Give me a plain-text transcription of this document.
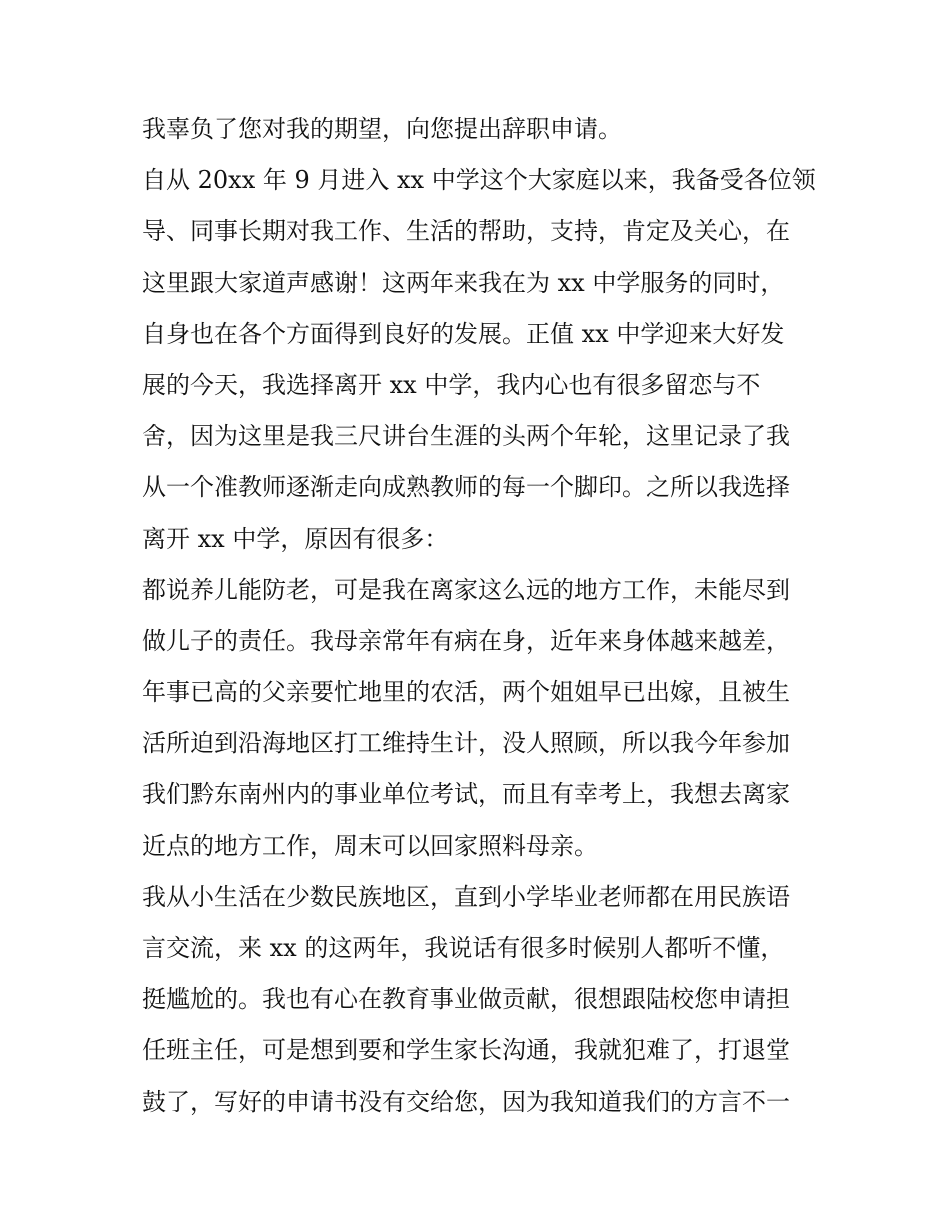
我辜负了您对我的期望，向您提出辞职申请。
自从 20xx 年 9 月进入 xx 中学这个大家庭以来，我备受各位领
导、同事长期对我工作、生活的帮助，支持，肯定及关心，在
这里跟大家道声感谢！这两年来我在为 xx 中学服务的同时，
自身也在各个方面得到良好的发展。正值 xx 中学迎来大好发
展的今天，我选择离开 xx 中学，我内心也有很多留恋与不
舍，因为这里是我三尺讲台生涯的头两个年轮，这里记录了我
从一个准教师逐渐走向成熟教师的每一个脚印。之所以我选择
离开 xx 中学，原因有很多：
都说养儿能防老，可是我在离家这么远的地方工作，未能尽到
做儿子的责任。我母亲常年有病在身，近年来身体越来越差，
年事已高的父亲要忙地里的农活，两个姐姐早已出嫁，且被生
活所迫到沿海地区打工维持生计，没人照顾，所以我今年参加
我们黔东南州内的事业单位考试，而且有幸考上，我想去离家
近点的地方工作，周末可以回家照料母亲。
我从小生活在少数民族地区，直到小学毕业老师都在用民族语
言交流，来 xx 的这两年，我说话有很多时候别人都听不懂，
挺尴尬的。我也有心在教育事业做贡献，很想跟陆校您申请担
任班主任，可是想到要和学生家长沟通，我就犯难了，打退堂
鼓了，写好的申请书没有交给您，因为我知道我们的方言不一
